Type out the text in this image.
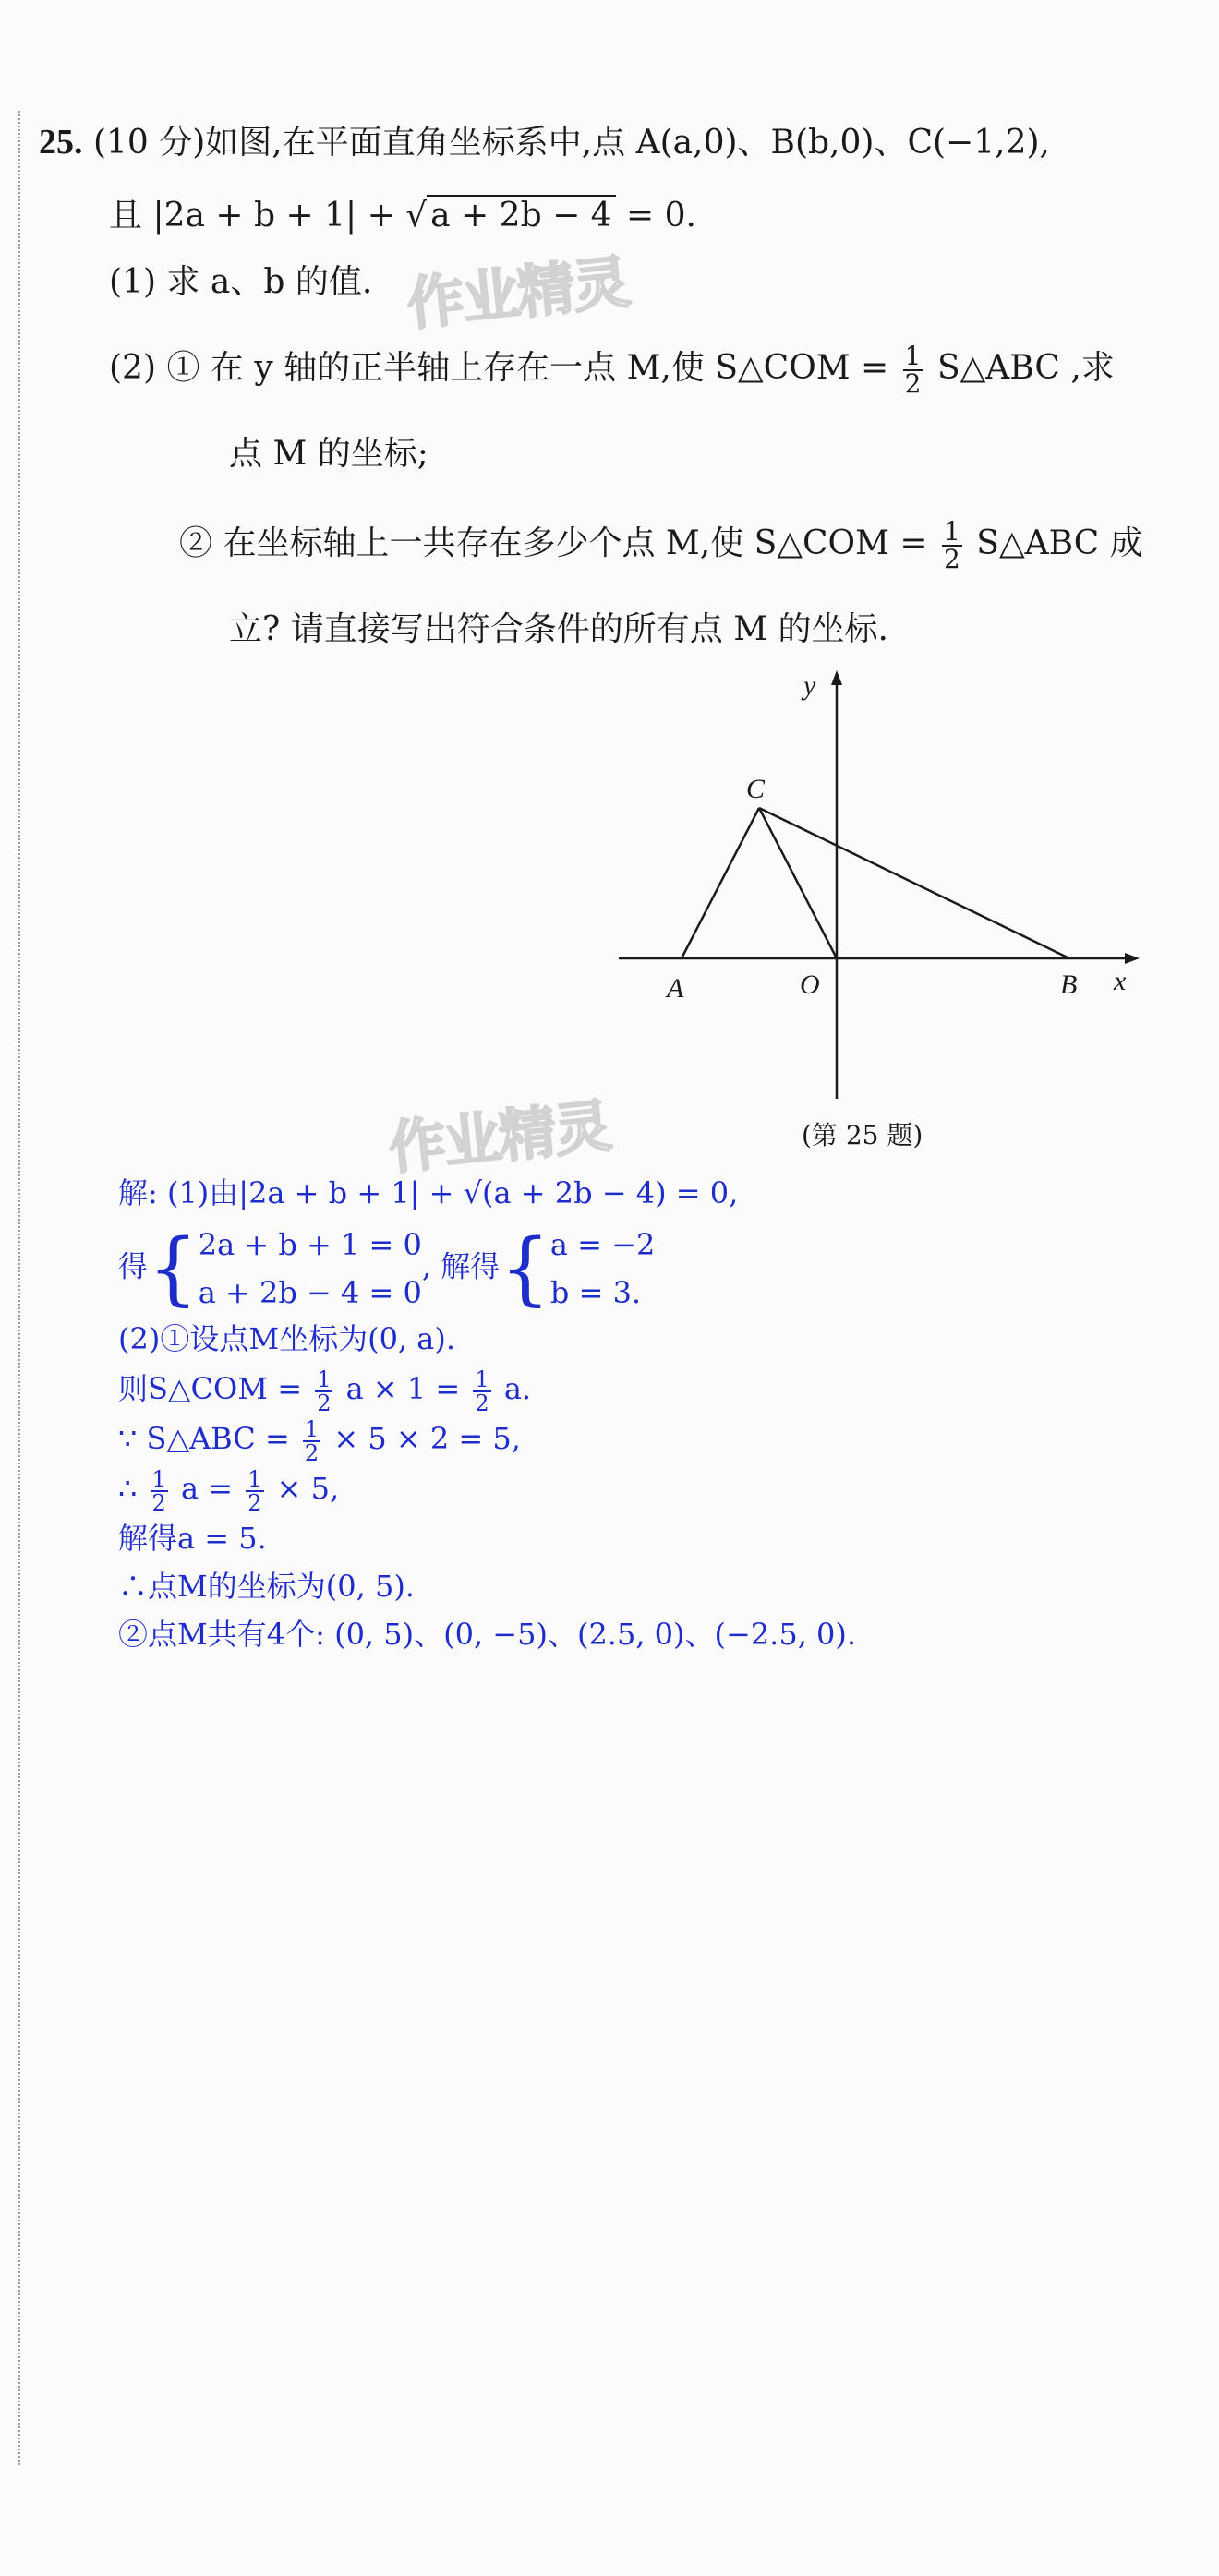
25. (10 分)如图,在平面直角坐标系中,点 A(a,0)、B(b,0)、C(−1,2),
且 |2a + b + 1| + √ a + 2b − 4 = 0.
(1) 求 a、b 的值.
(2) ① 在 y 轴的正半轴上存在一点 M,使 S△COM = $\frac{1}{2}$ S△ABC ,求
点 M 的坐标;
② 在坐标轴上一共存在多少个点 M,使 S△COM = $\frac{1}{2}$ S△ABC 成
立? 请直接写出符合条件的所有点 M 的坐标.
作业精灵
作业精灵
y
x
C
A	O	B
(第 25 题)
解: (1)由|2a + b + 1| + √(a + 2b − 4) = 0,
得{ 2a + b + 1 = 0
a + 2b − 4 = 0
, 解得{ a = −2
b = 3.
(2)①设点M坐标为(0, a).
则S△COM = $\frac{1}{2}$ $a \times 1 = \frac{1}{2} a$.
∵ S△ABC = $\frac{1}{2} \times 5 \times 2 = 5$,
∴ $\frac{1}{2}$ $a = \frac{1}{2} \times 5$,
解得a = 5.
∴点M的坐标为(0, 5).
②点M共有4个: (0, 5)、(0, −5)、(2.5, 0)、(−2.5, 0).
